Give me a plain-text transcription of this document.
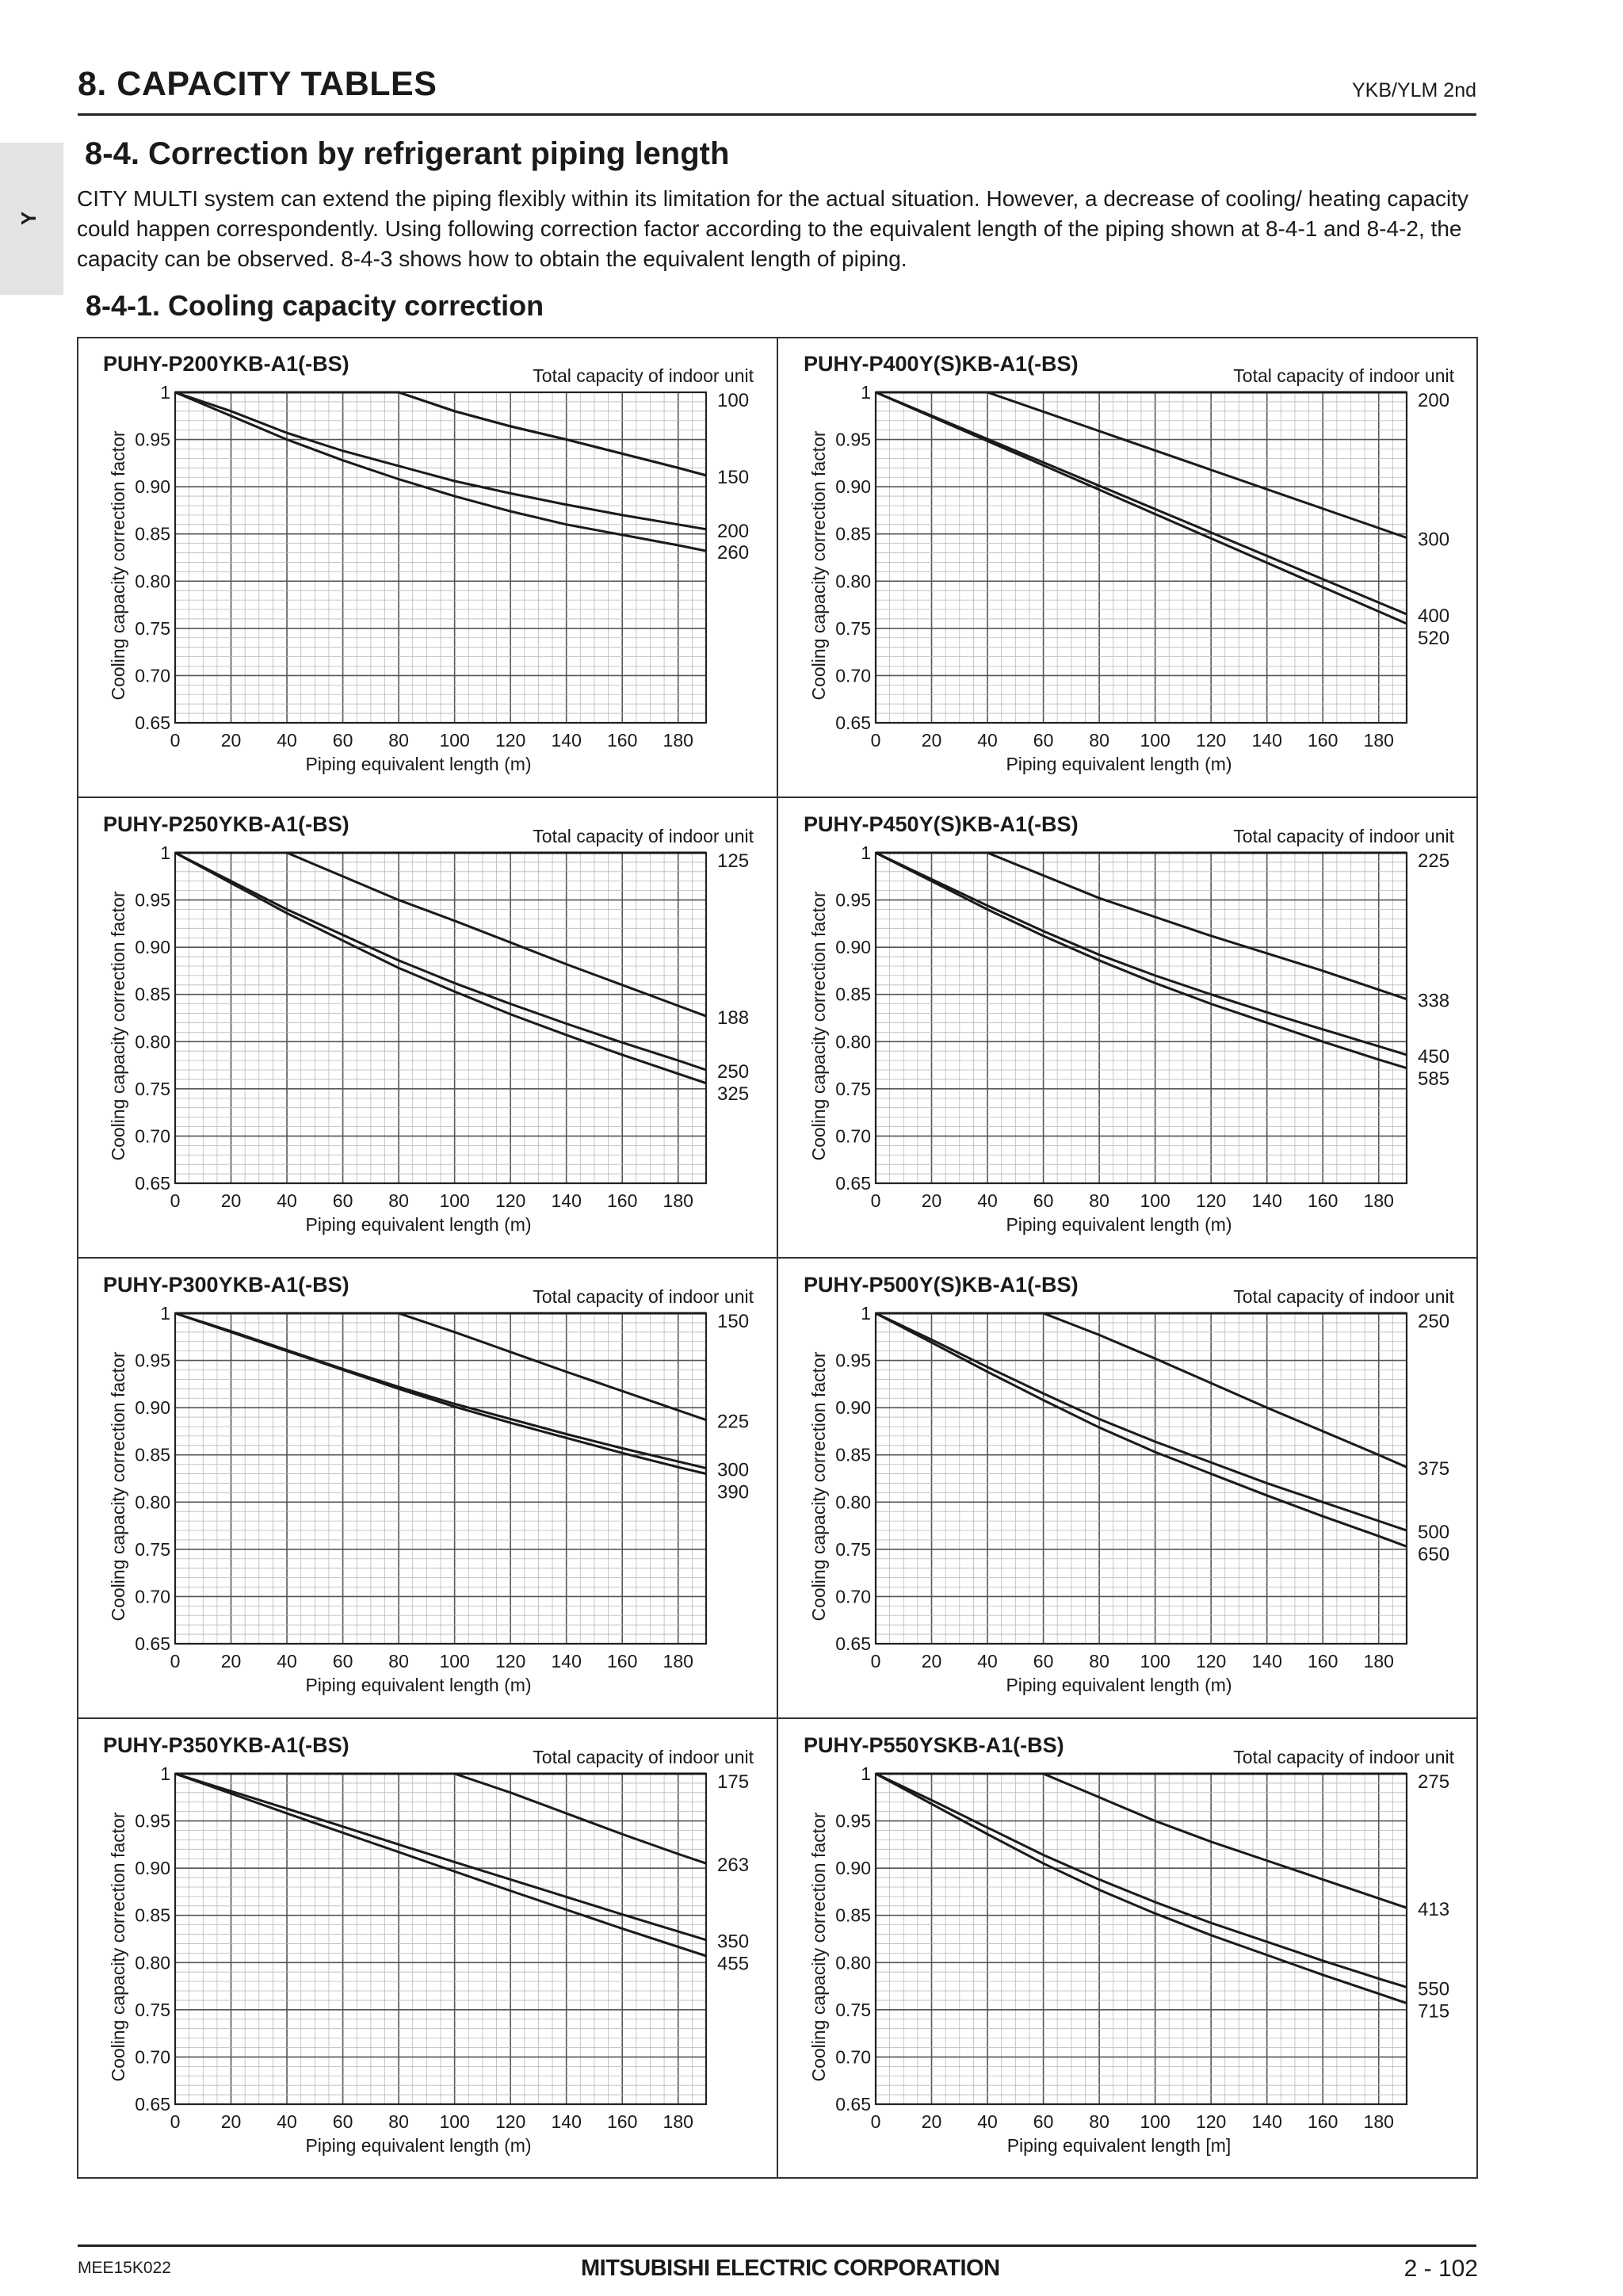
8. CAPACITY TABLES	YKB/YLM 2nd
Y
8-4. Correction by refrigerant piping length
CITY MULTI system can extend the piping flexibly within its limitation for the actual situation. However, a decrease of cooling/ heating capacity could happen correspondently. Using following correction factor according to the equivalent length of the piping shown at 8-4-1 and 8-4-2, the capacity can be observed. 8-4-3 shows how to obtain the equivalent length of piping.
8-4-1. Cooling capacity correction
PUHY-P200YKB-A1(-BS)	Total capacity of indoor unit
0.65
0.70
0.75
0.80
0.85
0.90
0.95
1
0 20 40 60 80 100 120 140 160 180
Piping equivalent length (m)
Cooling capacity correction factor
100
150
200
260
PUHY-P400Y(S)KB-A1(-BS)	Total capacity of indoor unit
0.65
0.70
0.75
0.80
0.85
0.90
0.95
1
0 20 40 60 80 100 120 140 160 180
Piping equivalent length (m)
Cooling capacity correction factor
200
300
400
520
PUHY-P250YKB-A1(-BS)	Total capacity of indoor unit
0.65
0.70
0.75
0.80
0.85
0.90
0.95
1
0 20 40 60 80 100 120 140 160 180
Piping equivalent length (m)
Cooling capacity correction factor
125
188
250
325
PUHY-P450Y(S)KB-A1(-BS)	Total capacity of indoor unit
0.65
0.70
0.75
0.80
0.85
0.90
0.95
1
0 20 40 60 80 100 120 140 160 180
Piping equivalent length (m)
Cooling capacity correction factor
225
338
450
585
PUHY-P300YKB-A1(-BS)	Total capacity of indoor unit
0.65
0.70
0.75
0.80
0.85
0.90
0.95
1
0 20 40 60 80 100 120 140 160 180
Piping equivalent length (m)
Cooling capacity correction factor
150
225
300
390
PUHY-P500Y(S)KB-A1(-BS)	Total capacity of indoor unit
0.65
0.70
0.75
0.80
0.85
0.90
0.95
1
0 20 40 60 80 100 120 140 160 180
Piping equivalent length (m)
Cooling capacity correction factor
250
375
500
650
PUHY-P350YKB-A1(-BS)	Total capacity of indoor unit
0.65
0.70
0.75
0.80
0.85
0.90
0.95
1
0 20 40 60 80 100 120 140 160 180
Piping equivalent length (m)
Cooling capacity correction factor
175
263
350
455
PUHY-P550YSKB-A1(-BS)	Total capacity of indoor unit
0.65
0.70
0.75
0.80
0.85
0.90
0.95
1
0 20 40 60 80 100 120 140 160 180
Piping equivalent length [m]
Cooling capacity correction factor
275
413
550
715
MEE15K022	MITSUBISHI ELECTRIC CORPORATION	2 - 102
